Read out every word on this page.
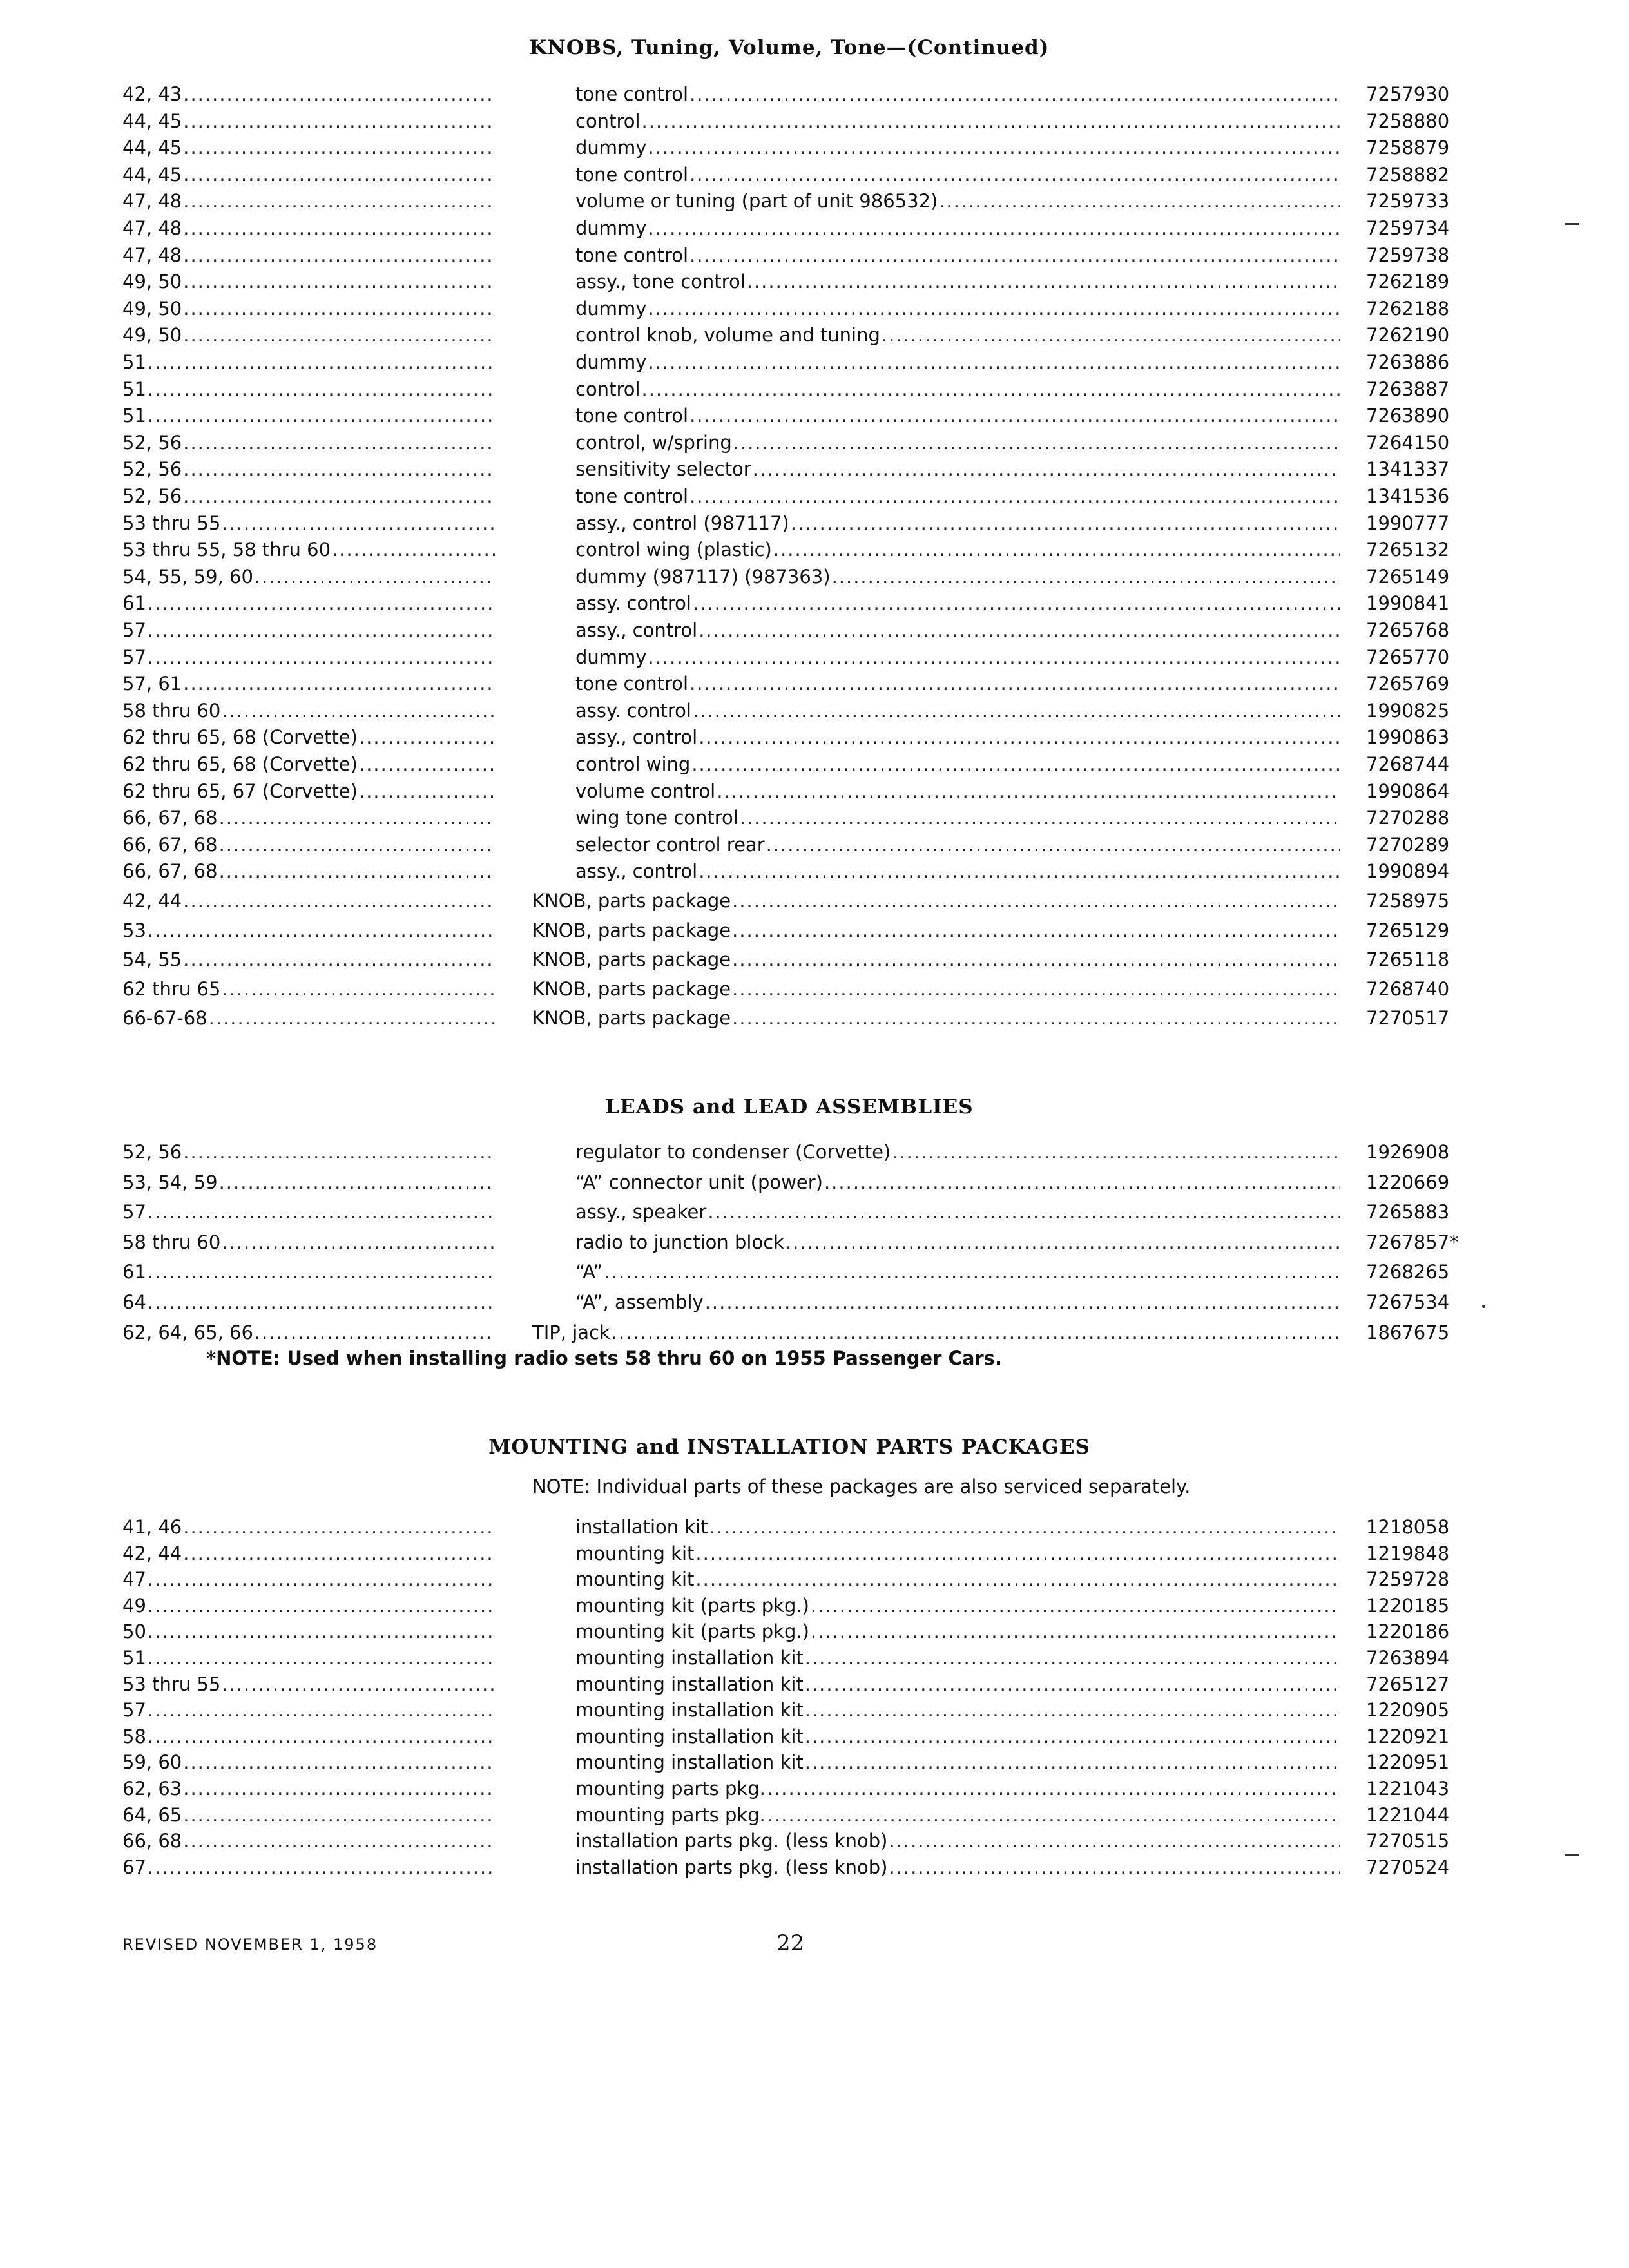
KNOBS, Tuning, Volume, Tone—(Continued)
42, 43 .....	tone control .....	7257930
44, 45 .....	control .....	7258880
44, 45 .....	dummy .....	7258879
44, 45 .....	tone control .....	7258882
47, 48 .....	volume or tuning (part of unit 986532) .....	7259733
47, 48 .....	dummy .....	7259734
47, 48 .....	tone control .....	7259738
49, 50 .....	assy., tone control .....	7262189
49, 50 .....	dummy .....	7262188
49, 50 .....	control knob, volume and tuning .....	7262190
51 .....	dummy .....	7263886
51 .....	control .....	7263887
51 .....	tone control .....	7263890
52, 56 .....	control, w/spring .....	7264150
52, 56 .....	sensitivity selector .....	1341337
52, 56 .....	tone control .....	1341536
53 thru 55 .....	assy., control (987117) .....	1990777
53 thru 55, 58 thru 60 .....	control wing (plastic) .....	7265132
54, 55, 59, 60 .....	dummy (987117) (987363) .....	7265149
61 .....	assy. control .....	1990841
57 .....	assy., control .....	7265768
57 .....	dummy .....	7265770
57, 61 .....	tone control .....	7265769
58 thru 60 .....	assy. control .....	1990825
62 thru 65, 68 (Corvette) .....	assy., control .....	1990863
62 thru 65, 68 (Corvette) .....	control wing .....	7268744
62 thru 65, 67 (Corvette) .....	volume control .....	1990864
66, 67, 68 .....	wing tone control .....	7270288
66, 67, 68 .....	selector control rear .....	7270289
66, 67, 68 .....	assy., control .....	1990894
42, 44 .....	KNOB, parts package .....	7258975
53 .....	KNOB, parts package .....	7265129
54, 55 .....	KNOB, parts package .....	7265118
62 thru 65 .....	KNOB, parts package .....	7268740
66-67-68 .....	KNOB, parts package .....	7270517
LEADS and LEAD ASSEMBLIES
52, 56 .....	regulator to condenser (Corvette) .....	1926908
53, 54, 59 .....	“A” connector unit (power) .....	1220669
57 .....	assy., speaker .....	7265883
58 thru 60 .....	radio to junction block .....	7267857*
61 .....	“A” .....	7268265
64 .....	“A”, assembly .....	7267534
62, 64, 65, 66 .....	TIP, jack .....	1867675
*NOTE: Used when installing radio sets 58 thru 60 on 1955 Passenger Cars.
MOUNTING and INSTALLATION PARTS PACKAGES
NOTE: Individual parts of these packages are also serviced separately.
41, 46 .....	installation kit .....	1218058
42, 44 .....	mounting kit .....	1219848
47 .....	mounting kit .....	7259728
49 .....	mounting kit (parts pkg.) .....	1220185
50 .....	mounting kit (parts pkg.) .....	1220186
51 .....	mounting installation kit .....	7263894
53 thru 55 .....	mounting installation kit .....	7265127
57 .....	mounting installation kit .....	1220905
58 .....	mounting installation kit .....	1220921
59, 60 .....	mounting installation kit .....	1220951
62, 63 .....	mounting parts pkg. .....	1221043
64, 65 .....	mounting parts pkg. .....	1221044
66, 68 .....	installation parts pkg. (less knob) .....	7270515
67 .....	installation parts pkg. (less knob) .....	7270524
REVISED NOVEMBER 1, 1958	22
